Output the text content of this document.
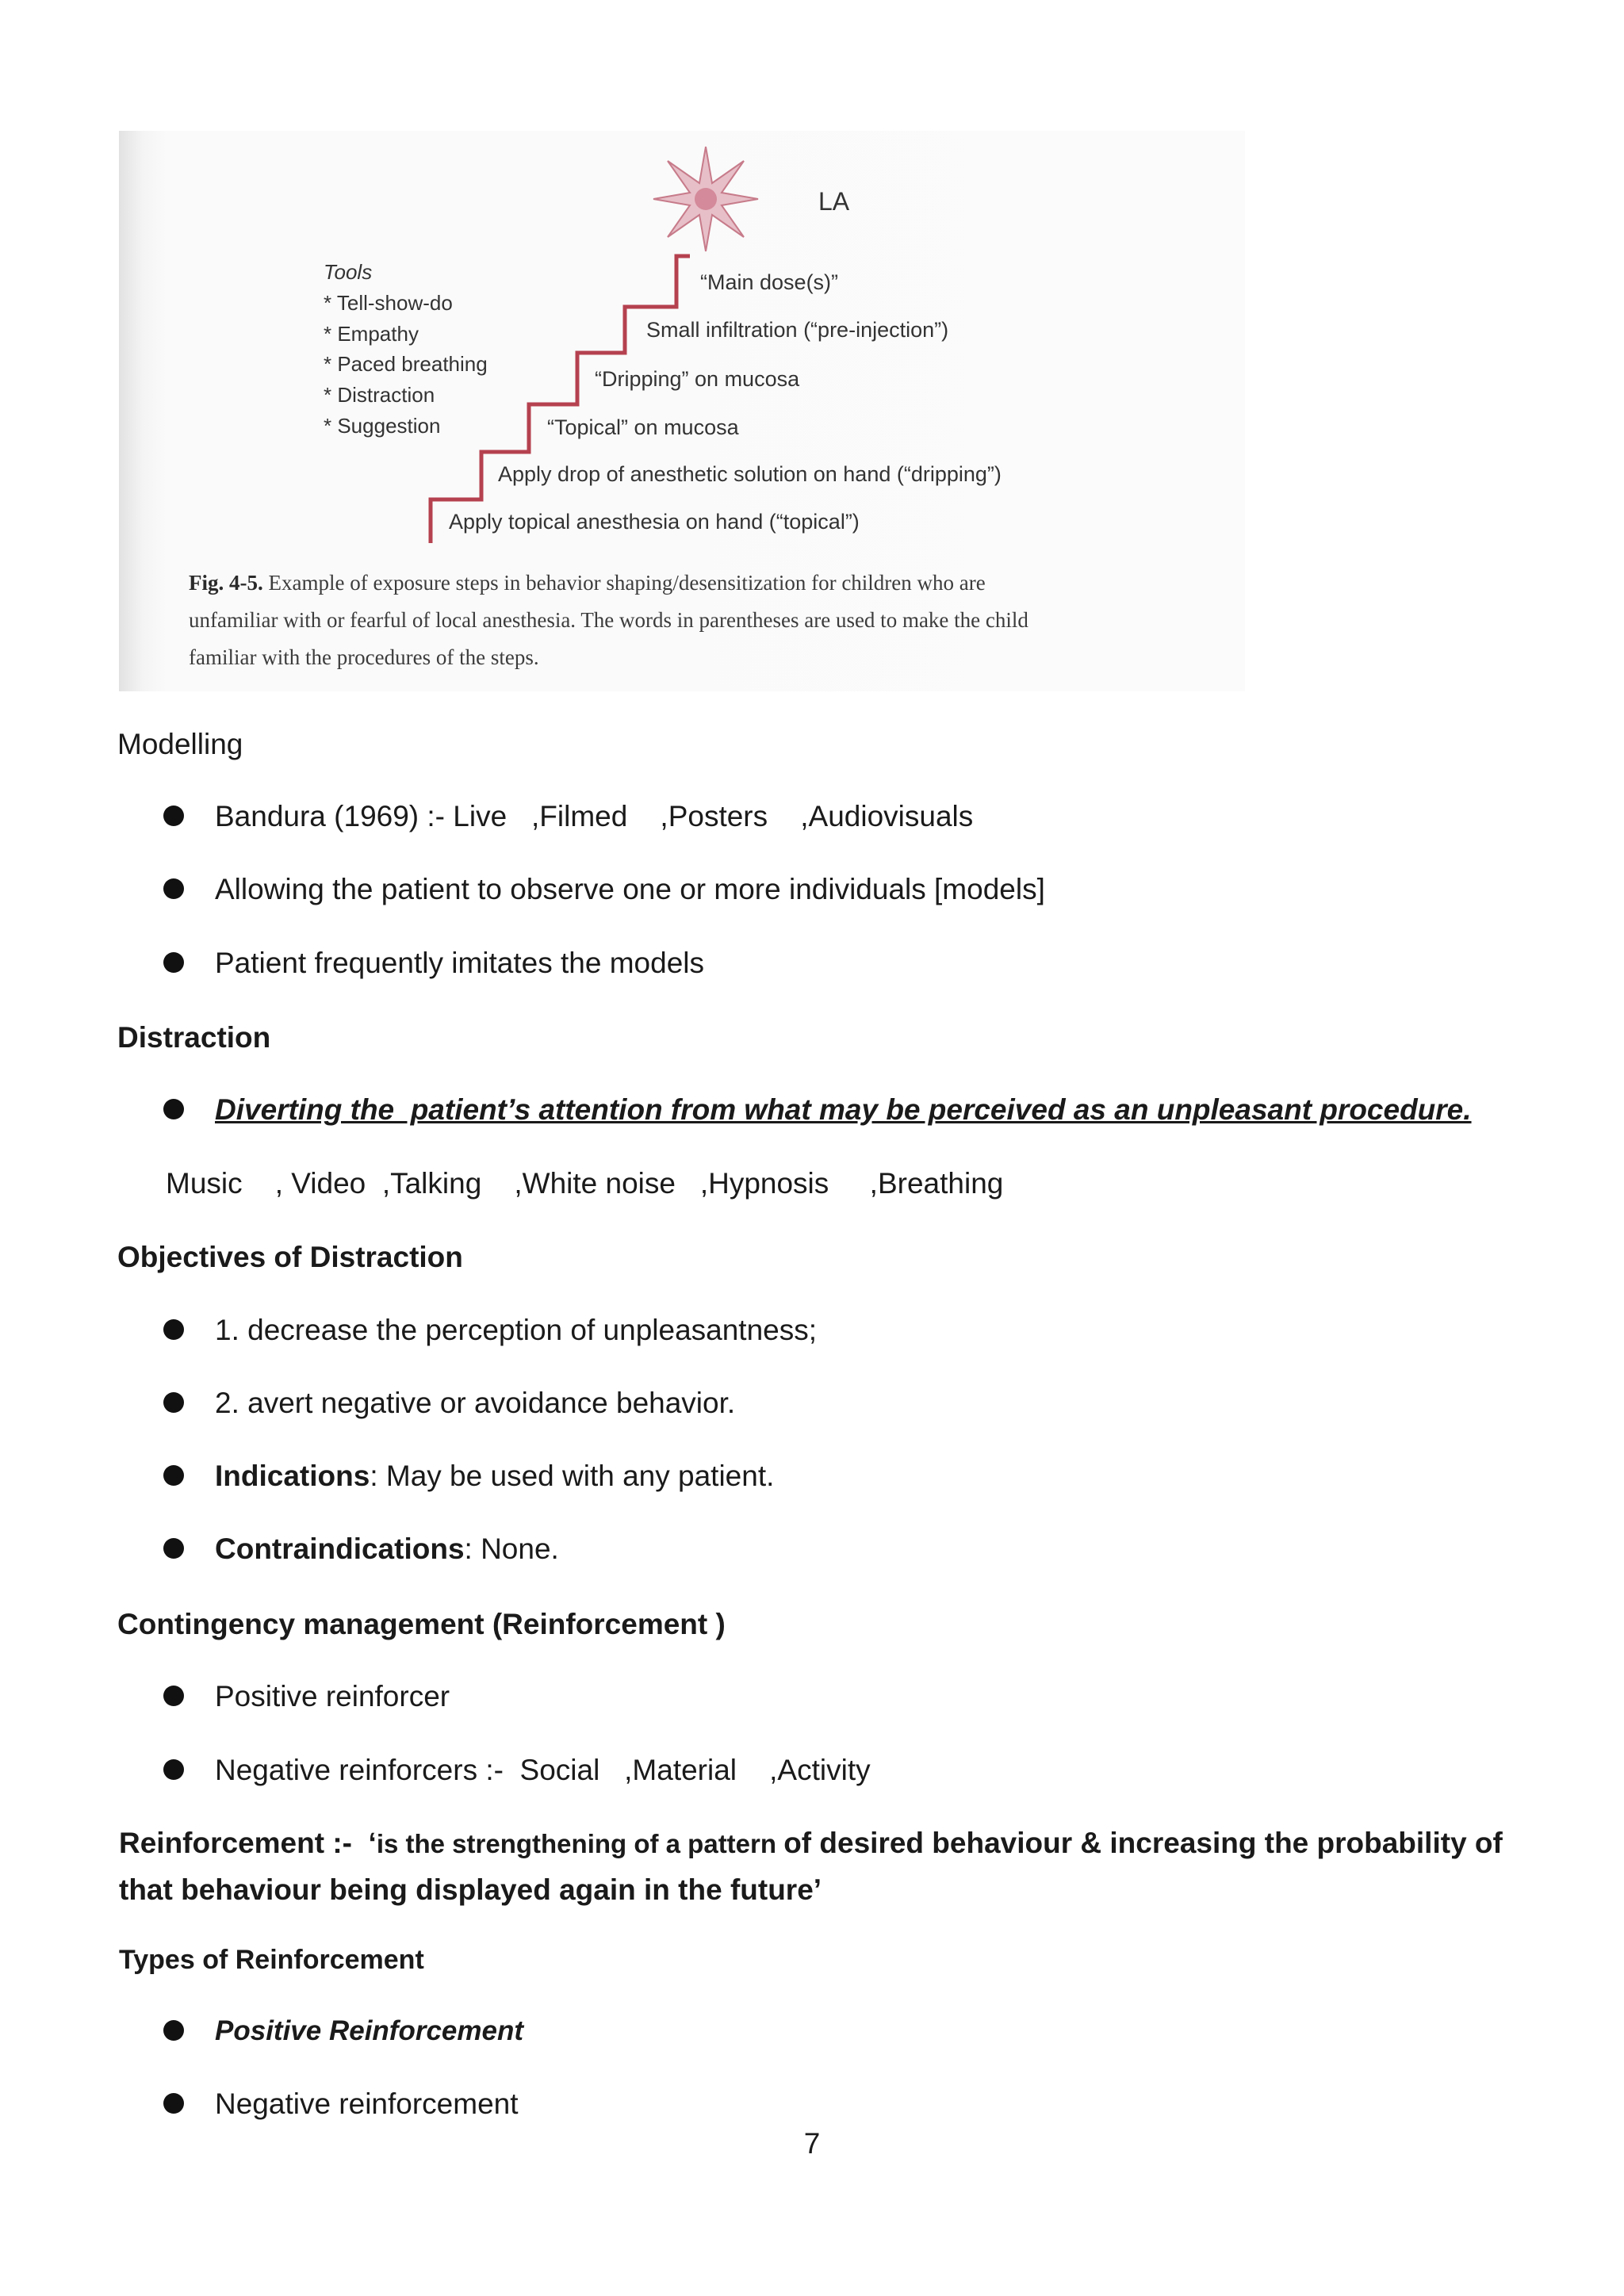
LA
Tools
* Tell-show-do
* Empathy
* Paced breathing
* Distraction
* Suggestion
“Main dose(s)”
Small infiltration (“pre-injection”)
“Dripping” on mucosa
“Topical” on mucosa
Apply drop of anesthetic solution on hand (“dripping”)
Apply topical anesthesia on hand (“topical”)
Fig. 4-5. Example of exposure steps in behavior shaping/desensitization for children who are
unfamiliar with or fearful of local anesthesia. The words in parentheses are used to make the child
familiar with the procedures of the steps.
Modelling
Bandura (1969) :- Live   ,Filmed    ,Posters    ,Audiovisuals
Allowing the patient to observe one or more individuals [models]
Patient frequently imitates the models
Distraction
Diverting the  patient’s attention from what may be perceived as an unpleasant procedure.
Music    , Video  ,Talking    ,White noise   ,Hypnosis     ,Breathing
Objectives of Distraction
1. decrease the perception of unpleasantness;
2. avert negative or avoidance behavior.
Indications: May be used with any patient.
Contraindications: None.
Contingency management (Reinforcement )
Positive reinforcer
Negative reinforcers :-  Social   ,Material    ,Activity
Reinforcement :-  ‘is the strengthening of a pattern of desired behaviour & increasing the probability of
that behaviour being displayed again in the future’
Types of Reinforcement
Positive Reinforcement
Negative reinforcement
7
